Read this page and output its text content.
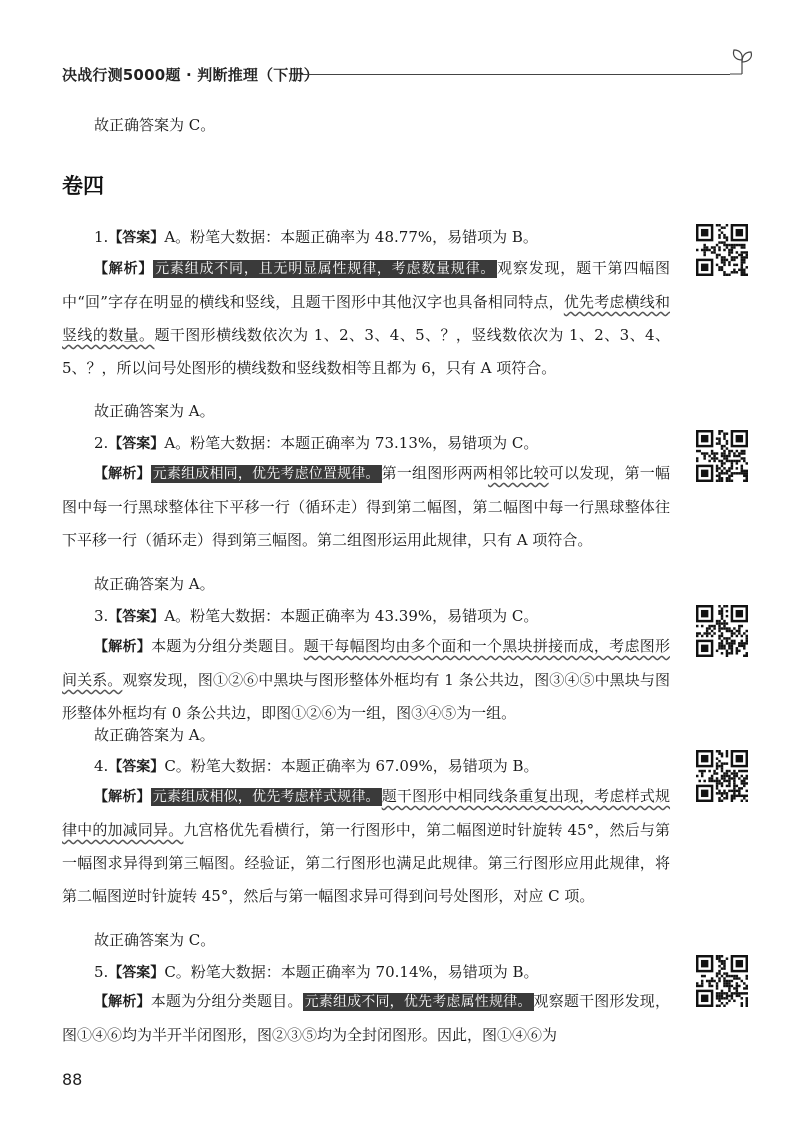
决战行测5000题 · 判断推理（下册）
故正确答案为 C。
卷四
1.【答案】A。粉笔大数据：本题正确率为 48.77%，易错项为 B。

【解析】 元素组成不同，且无明显属性规律，考虑数量规律。 观察发现，题干第四幅图中“回”字存在明显的横线和竖线，且题干图形中其他汉字也具备相同特点，优先考虑横线和竖线的数量。题干图形横线数依次为 1、2、3、4、5、？，竖线数依次为 1、2、3、4、5、？，所以问号处图形的横线数和竖线数相等且都为 6，只有 A 项符合。

故正确答案为 A。
2.【答案】A。粉笔大数据：本题正确率为 73.13%，易错项为 C。

【解析】 元素组成相同，优先考虑位置规律。 第一组图形两两相邻比较可以发现，第一幅图中每一行黑球整体往下平移一行（循环走）得到第二幅图，第二幅图中每一行黑球整体往下平移一行（循环走）得到第三幅图。第二组图形运用此规律，只有 A 项符合。

故正确答案为 A。
3.【答案】A。粉笔大数据：本题正确率为 43.39%，易错项为 C。

【解析】本题为分组分类题目。题干每幅图均由多个面和一个黑块拼接而成，考虑图形间关系。观察发现，图①②⑥中黑块与图形整体外框均有 1 条公共边，图③④⑤中黑块与图形整体外框均有 0 条公共边，即图①②⑥为一组，图③④⑤为一组。

故正确答案为 A。
4.【答案】C。粉笔大数据：本题正确率为 67.09%，易错项为 B。

【解析】 元素组成相似，优先考虑样式规律。 题干图形中相同线条重复出现，考虑样式规律中的加减同异。九宫格优先看横行，第一行图形中，第二幅图逆时针旋转 45°，然后与第一幅图求异得到第三幅图。经验证，第二行图形也满足此规律。第三行图形应用此规律，将第二幅图逆时针旋转 45°，然后与第一幅图求异可得到问号处图形，对应 C 项。

故正确答案为 C。
5.【答案】C。粉笔大数据：本题正确率为 70.14%，易错项为 B。

【解析】本题为分组分类题目。 元素组成不同，优先考虑属性规律。 观察题干图形发现，图①④⑥均为半开半闭图形，图②③⑤均为全封闭图形。因此，图①④⑥为

88
